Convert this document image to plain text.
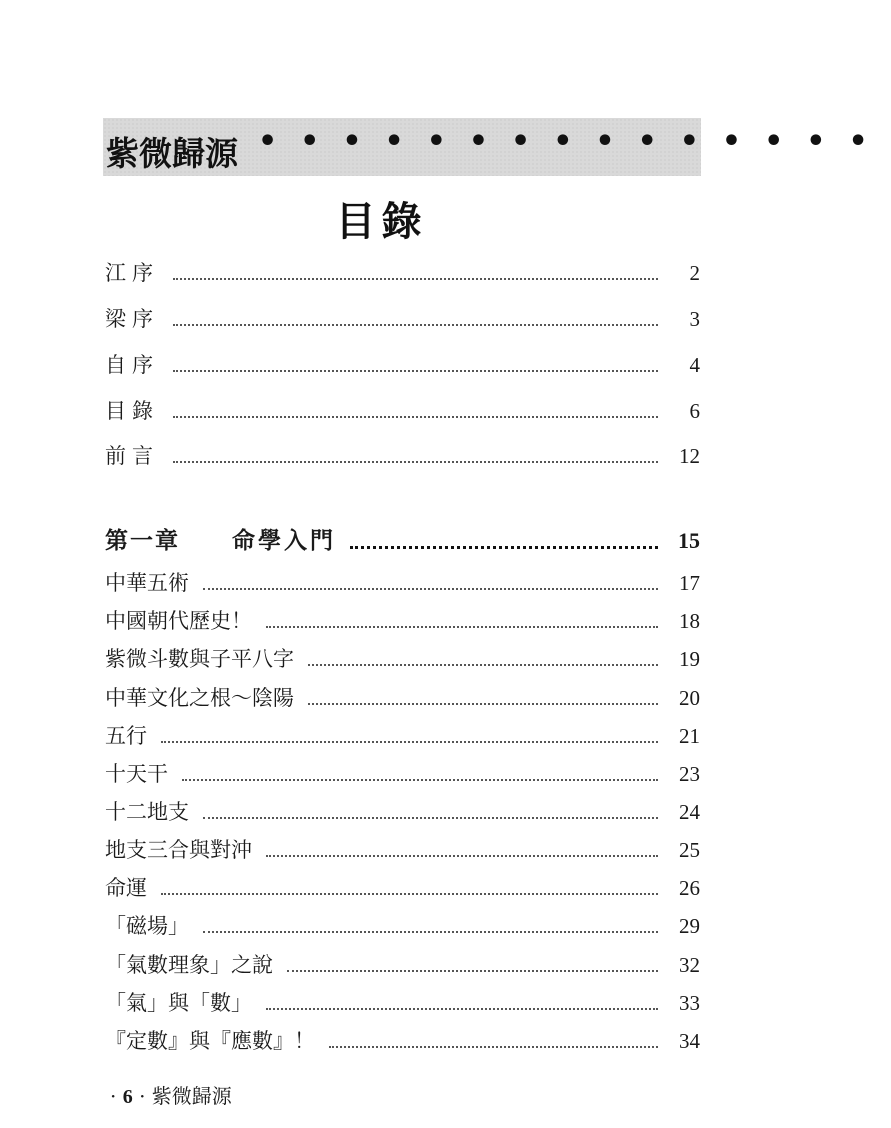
紫微歸源 •••••••••••••••
目錄
江序	2
梁序	3
自序	4
目錄	6
前言	12
第一章 命學入門	15
中華五術	17
中國朝代歷史！	18
紫微斗數與子平八字	19
中華文化之根～陰陽	20
五行	21
十天干	23
十二地支	24
地支三合與對沖	25
命運	26
「磁場」	29
「氣數理象」之說	32
「氣」與「數」	33
『定數』與『應數』！	34
· 6 · 紫微歸源
